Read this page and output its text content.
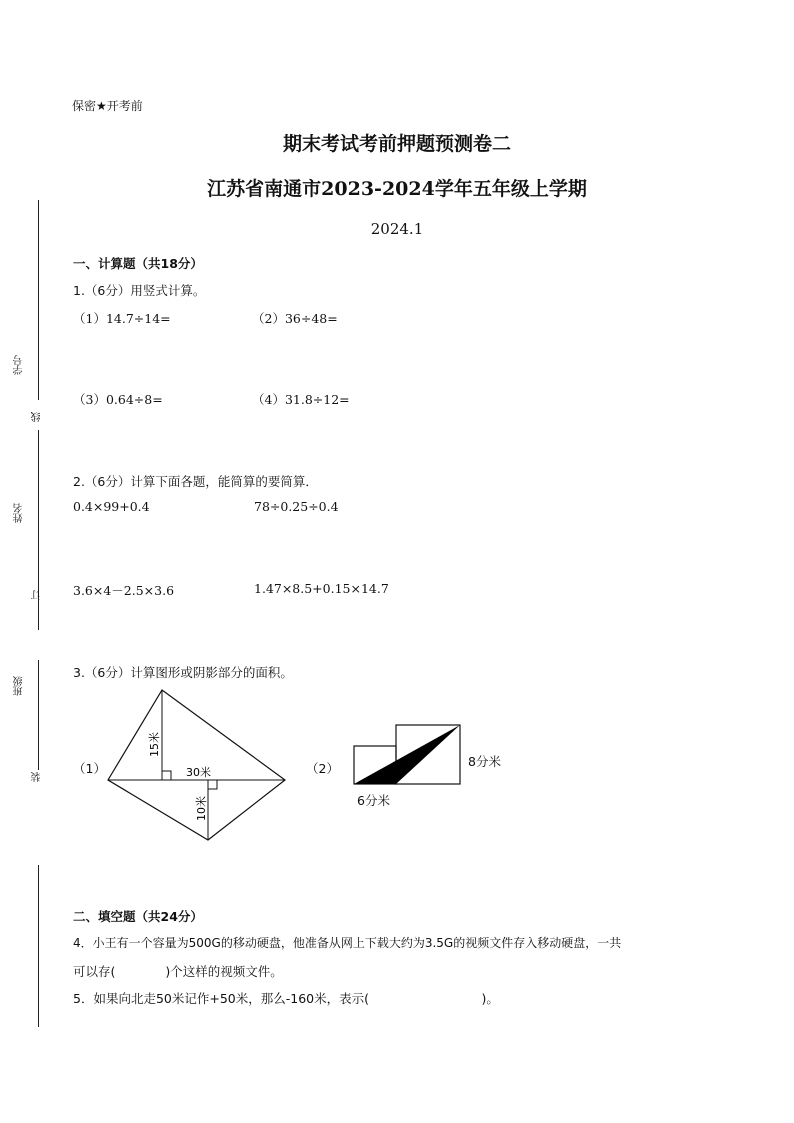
学号
线
姓名
订
班级
装
保密★开考前
期末考试考前押题预测卷二
江苏省南通市2023-2024学年五年级上学期
2024.1
一、计算题（共18分）
1.（6分）用竖式计算。
（1）14.7÷14=	（2）36÷48=
（3）0.64÷8=	（4）31.8÷12=
2.（6分）计算下面各题，能简算的要简算．
0.4×99+0.4	78÷0.25÷0.4
3.6×4－2.5×3.6	1.47×8.5+0.15×14.7
3.（6分）计算图形或阴影部分的面积。
（1）
15米
30米
10米
（2）	8分米
6分米
二、填空题（共24分）
4．小王有一个容量为500G的移动硬盘，他准备从网上下载大约为3.5G的视频文件存入移动硬盘，一共
可以存(　　　　)个这样的视频文件。
5．如果向北走50米记作+50米，那么-160米，表示(　　　　　　　　　)。
